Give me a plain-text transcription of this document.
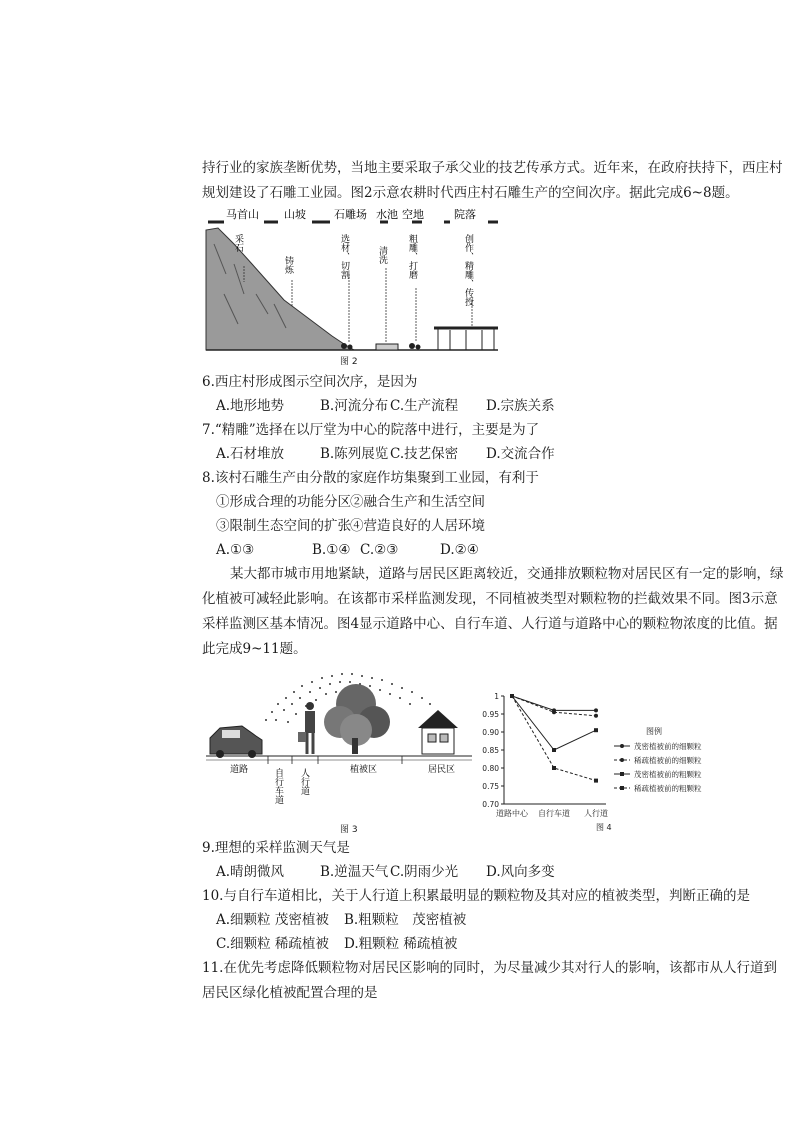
持行业的家族垄断优势，当地主要采取子承父业的技艺传承方式。近年来，在政府扶持下，西庄村
规划建设了石雕工业园。图2示意农耕时代西庄村石雕生产的空间次序。据此完成6~8题。
马首山 山坡	石雕场 水池 空地	院落
采石
铸炼	选材、切割	清洗 粗雕、打磨	创作、精雕、传授
图 2
6.西庄村形成图示空间次序，是因为
A.地形地势	B.河流分布 C.生产流程 D.宗族关系
7.“精雕”选择在以厅堂为中心的院落中进行，主要是为了
A.石材堆放	B.陈列展览 C.技艺保密 D.交流合作
8.该村石雕生产由分散的家庭作坊集聚到工业园，有利于
①形成合理的功能分区 ②融合生产和生活空间
③限制生态空间的扩张 ④营造良好的人居环境
A.①③	B.①④ C.②③	D.②④
某大都市城市用地紧缺，道路与居民区距离较近，交通排放颗粒物对居民区有一定的影响，绿
化植被可减轻此影响。在该都市采样监测发现，不同植被类型对颗粒物的拦截效果不同。图3示意
采样监测区基本情况。图4显示道路中心、自行车道、人行道与道路中心的颗粒物浓度的比值。据
此完成9~11题。
道路	自行车道 人行道	植被区	居民区
图 3
1
0.95
0.90
0.85
0.80
0.75
0.70
道路中心 自行车道 人行道
茂密植被前的细颗粒
稀疏植被前的细颗粒
茂密植被前的粗颗粒
稀疏植被前的粗颗粒
图例
图 4
9.理想的采样监测天气是
A.晴朗微风	B.逆温天气 C.阴雨少光 D.风向多变
10.与自行车道相比，关于人行道上积累最明显的颗粒物及其对应的植被类型，判断正确的是
A.细颗粒 茂密植被 B.粗颗粒　茂密植被
C.细颗粒 稀疏植被 D.粗颗粒 稀疏植被
11.在优先考虑降低颗粒物对居民区影响的同时，为尽量减少其对行人的影响，该都市从人行道到
居民区绿化植被配置合理的是
